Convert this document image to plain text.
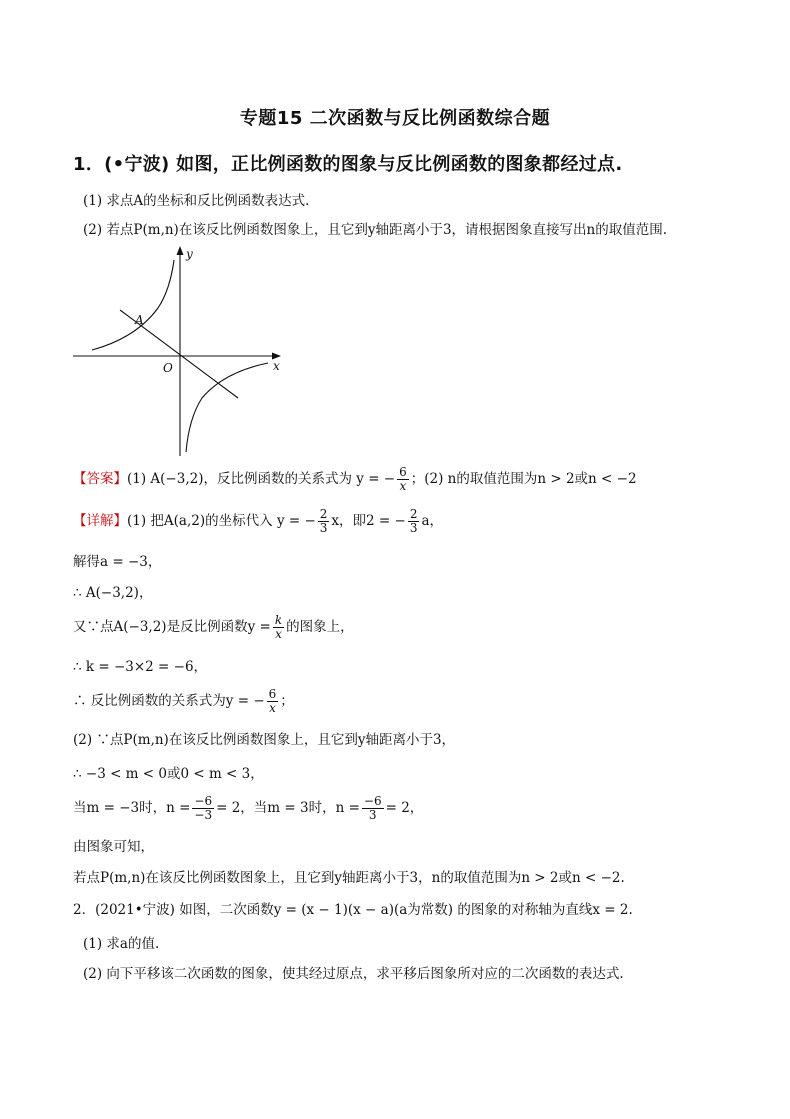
专题15 二次函数与反比例函数综合题
1．(•宁波) 如图，正比例函数的图象与反比例函数的图象都经过点.
(1) 求点A的坐标和反比例函数表达式.
(2) 若点P(m,n)在该反比例函数图象上，且它到y轴距离小于3，请根据图象直接写出n的取值范围.
y
x
O
A
【答案】(1) A(−3,2)，反比例函数的关系式为 y = − $\frac{6}{x}$ ；(2) n的取值范围为n > 2或n < −2
【详解】(1) 把A(a,2)的坐标代入 y = − $\frac{2}{3}$ x，即2 = − $\frac{2}{3}$ a，
解得a = −3，
∴ A(−3,2)，
又∵点A(−3,2)是反比例函数$y = \frac{k}{x}$ 的图象上，
∴ k = −3×2 = −6，
∴ 反比例函数的关系式为y = − $\frac{6}{x}$ ；
(2) ∵点P(m,n)在该反比例函数图象上，且它到y轴距离小于3，
∴ −3 < m < 0或0 < m < 3，
当m = −3时，$n = \frac{-6}{-3} = 2$，当m = 3时，$n = \frac{-6}{3} = 2$，
由图象可知，
若点P(m,n)在该反比例函数图象上，且它到y轴距离小于3，n的取值范围为n > 2或n < −2.
2．(2021•宁波) 如图，二次函数y = (x − 1)(x − a)(a为常数) 的图象的对称轴为直线x = 2.
(1) 求a的值.
(2) 向下平移该二次函数的图象，使其经过原点，求平移后图象所对应的二次函数的表达式.
